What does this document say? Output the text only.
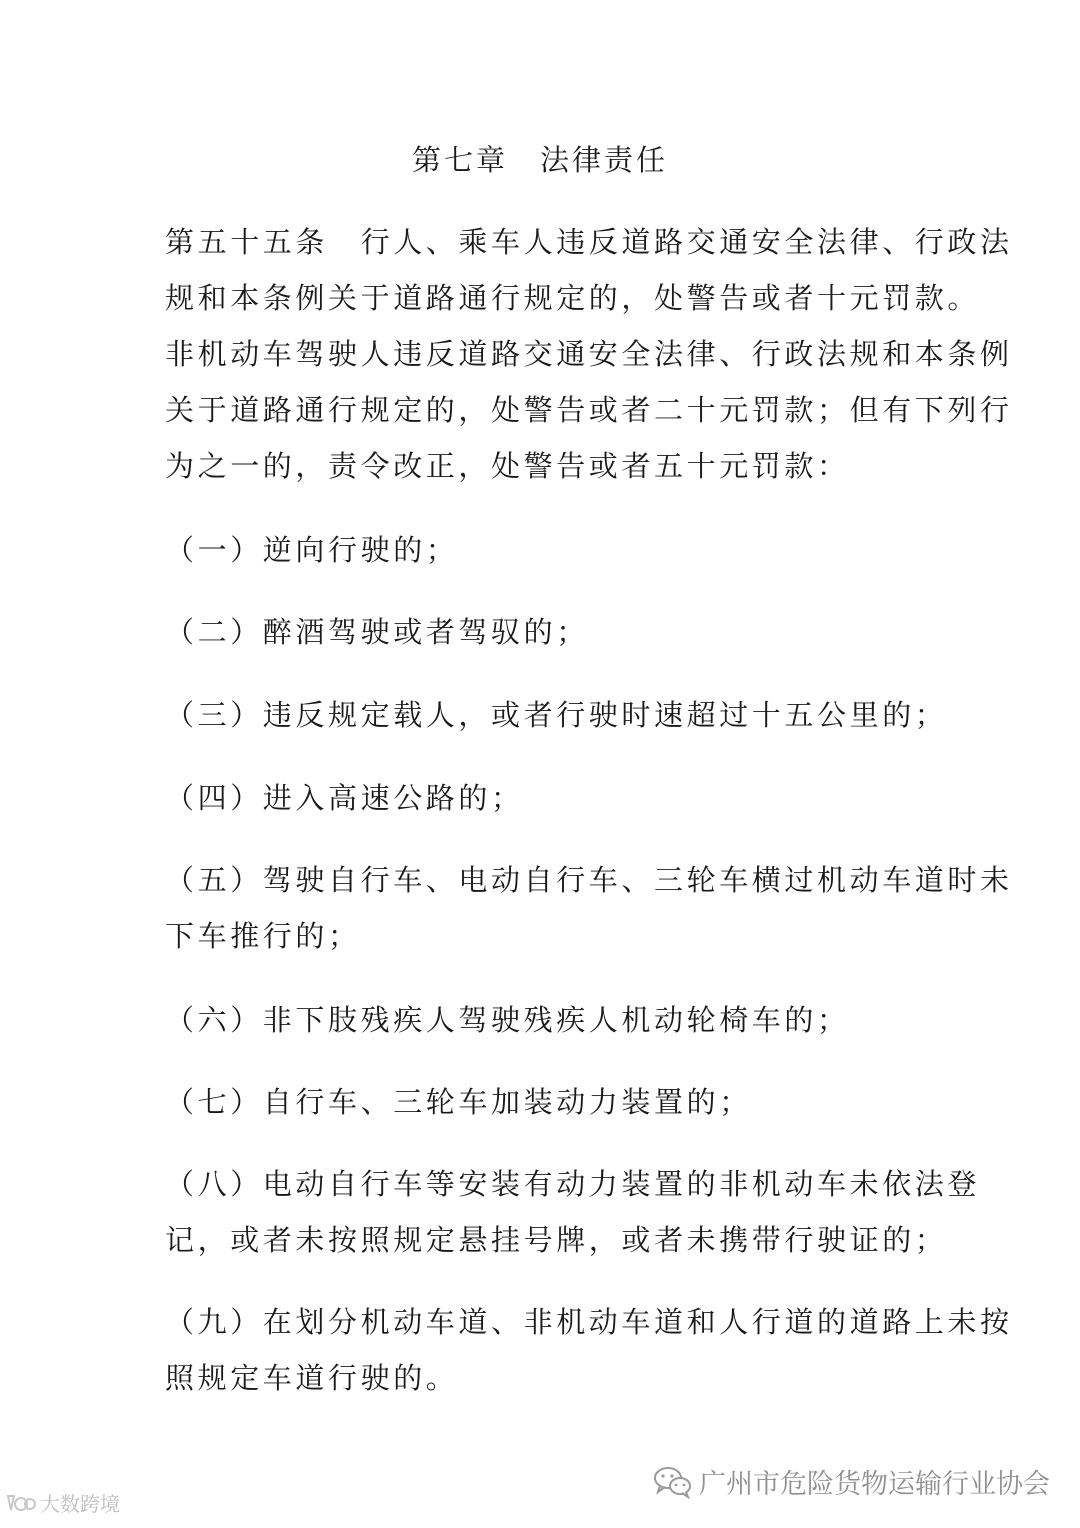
第七章　法律责任
第五十五条　行人、乘车人违反道路交通安全法律、行政法
规和本条例关于道路通行规定的，处警告或者十元罚款。
非机动车驾驶人违反道路交通安全法律、行政法规和本条例
关于道路通行规定的，处警告或者二十元罚款；但有下列行
为之一的，责令改正，处警告或者五十元罚款：
（一）逆向行驶的；
（二）醉酒驾驶或者驾驭的；
（三）违反规定载人，或者行驶时速超过十五公里的；
（四）进入高速公路的；
（五）驾驶自行车、电动自行车、三轮车横过机动车道时未
下车推行的；
（六）非下肢残疾人驾驶残疾人机动轮椅车的；
（七）自行车、三轮车加装动力装置的；
（八）电动自行车等安装有动力装置的非机动车未依法登
记，或者未按照规定悬挂号牌，或者未携带行驶证的；
（九）在划分机动车道、非机动车道和人行道的道路上未按
照规定车道行驶的。
大数跨境
广州市危险货物运输行业协会
